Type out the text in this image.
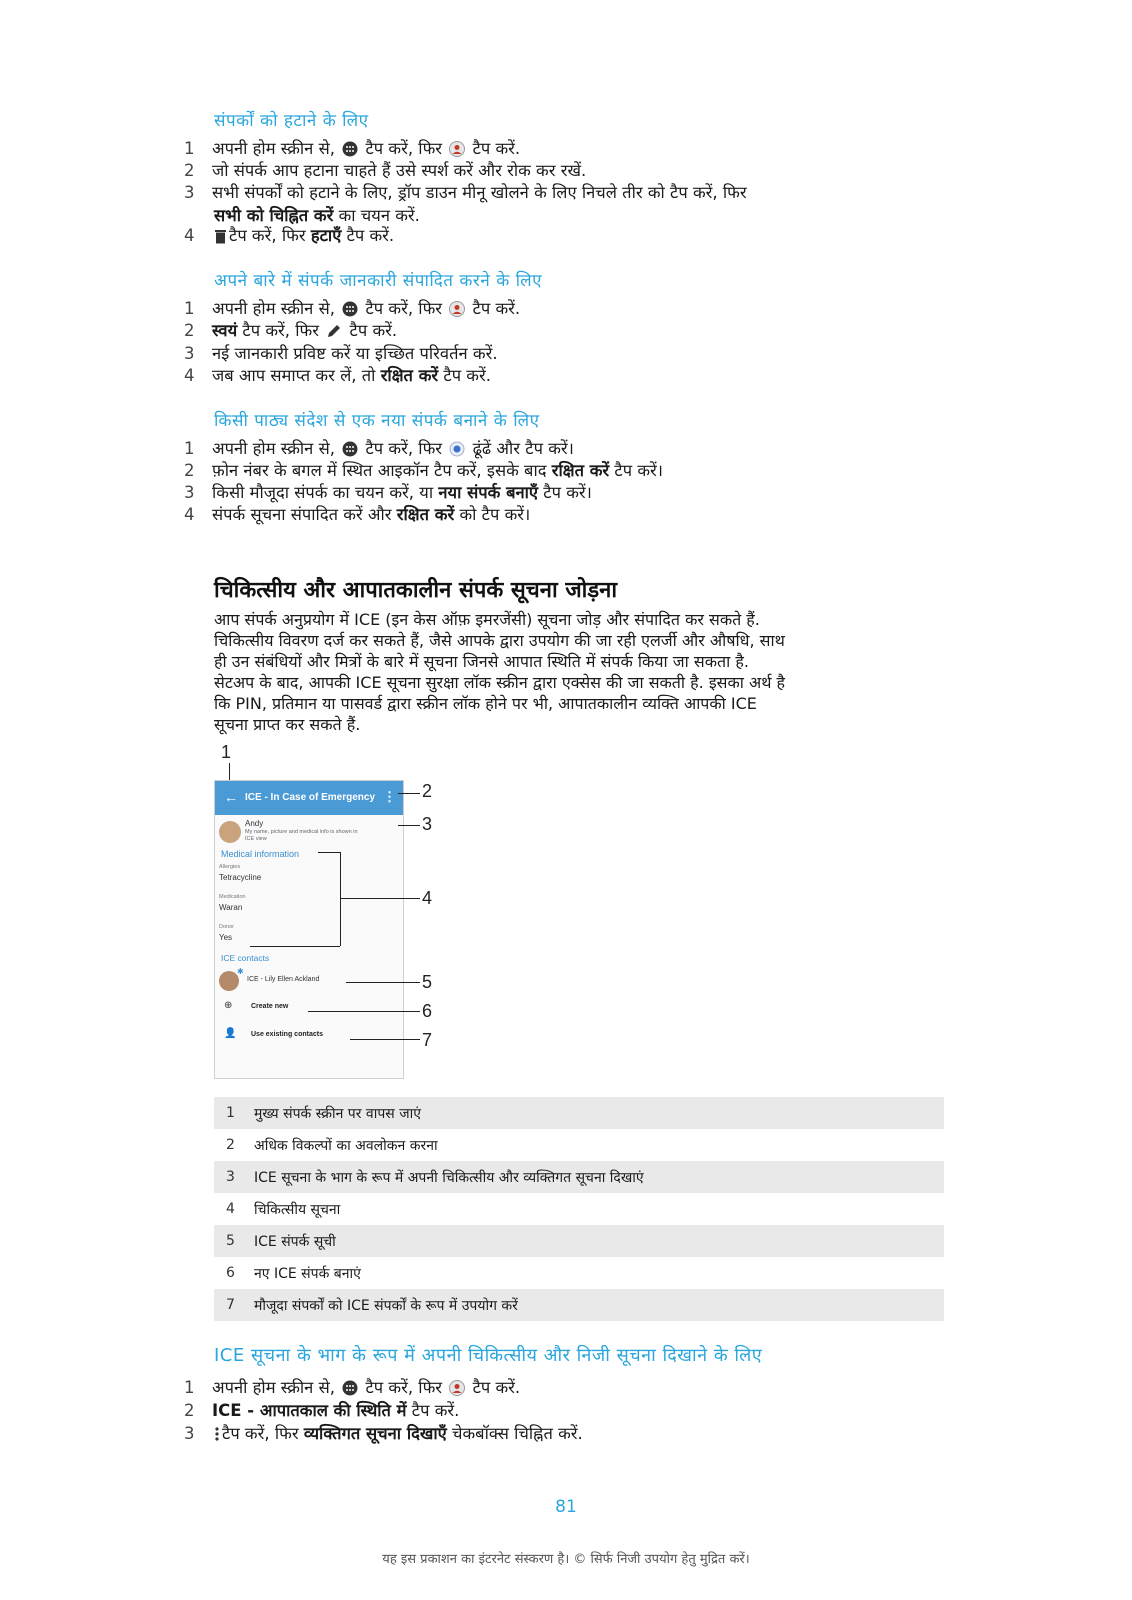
संपर्कों को हटाने के लिए
1 अपनी होम स्क्रीन से, टैप करें, फिर टैप करें.
2 जो संपर्क आप हटाना चाहते हैं उसे स्पर्श करें और रोक कर रखें.
3 सभी संपर्कों को हटाने के लिए, ड्रॉप डाउन मीनू खोलने के लिए निचले तीर को टैप करें, फिर
सभी को चिह्नित करें का चयन करें.
4 टैप करें, फिर हटाएँ टैप करें.
अपने बारे में संपर्क जानकारी संपादित करने के लिए
1 अपनी होम स्क्रीन से, टैप करें, फिर टैप करें.
2 स्वयं टैप करें, फिर टैप करें.
3 नई जानकारी प्रविष्ट करें या इच्छित परिवर्तन करें.
4 जब आप समाप्त कर लें, तो रक्षित करें टैप करें.
किसी पाठ्य संदेश से एक नया संपर्क बनाने के लिए
1 अपनी होम स्क्रीन से, टैप करें, फिर ढूंढें और टैप करें।
2 फ़ोन नंबर के बगल में स्थित आइकॉन टैप करें, इसके बाद रक्षित करें टैप करें।
3 किसी मौजूदा संपर्क का चयन करें, या नया संपर्क बनाएँ टैप करें।
4 संपर्क सूचना संपादित करें और रक्षित करें को टैप करें।
चिकित्सीय और आपातकालीन संपर्क सूचना जोड़ना
आप संपर्क अनुप्रयोग में ICE (इन केस ऑफ़ इमरजेंसी) सूचना जोड़ और संपादित कर सकते हैं.
चिकित्सीय विवरण दर्ज कर सकते हैं, जैसे आपके द्वारा उपयोग की जा रही एलर्जी और औषधि, साथ
ही उन संबंधियों और मित्रों के बारे में सूचना जिनसे आपात स्थिति में संपर्क किया जा सकता है.
सेटअप के बाद, आपकी ICE सूचना सुरक्षा लॉक स्क्रीन द्वारा एक्सेस की जा सकती है. इसका अर्थ है
कि PIN, प्रतिमान या पासवर्ड द्वारा स्क्रीन लॉक होने पर भी, आपातकालीन व्यक्ति आपकी ICE
सूचना प्राप्त कर सकते हैं.
1
← ICE - In Case of Emergency ⋮
Andy
My name, picture and medical info is shown in
ICE view
Medical information
Allergies
Tetracycline
Medication
Waran
Donor
Yes
ICE contacts
✱
ICE - Lily Ellen Ackland
⊕	Create new
👤 Use existing contacts
2
3
4
5
6
7
1 मुख्य संपर्क स्क्रीन पर वापस जाएं
2 अधिक विकल्पों का अवलोकन करना
3 ICE सूचना के भाग के रूप में अपनी चिकित्सीय और व्यक्तिगत सूचना दिखाएं
4 चिकित्सीय सूचना
5 ICE संपर्क सूची
6 नए ICE संपर्क बनाएं
7 मौजूदा संपर्कों को ICE संपर्कों के रूप में उपयोग करें
ICE सूचना के भाग के रूप में अपनी चिकित्सीय और निजी सूचना दिखाने के लिए
1 अपनी होम स्क्रीन से, टैप करें, फिर टैप करें.
2 ICE - आपातकाल की स्थिति में टैप करें.
3 टैप करें, फिर व्यक्तिगत सूचना दिखाएँ चेकबॉक्स चिह्नित करें.
81
यह इस प्रकाशन का इंटरनेट संस्करण है। © सिर्फ निजी उपयोग हेतु मुद्रित करें।
